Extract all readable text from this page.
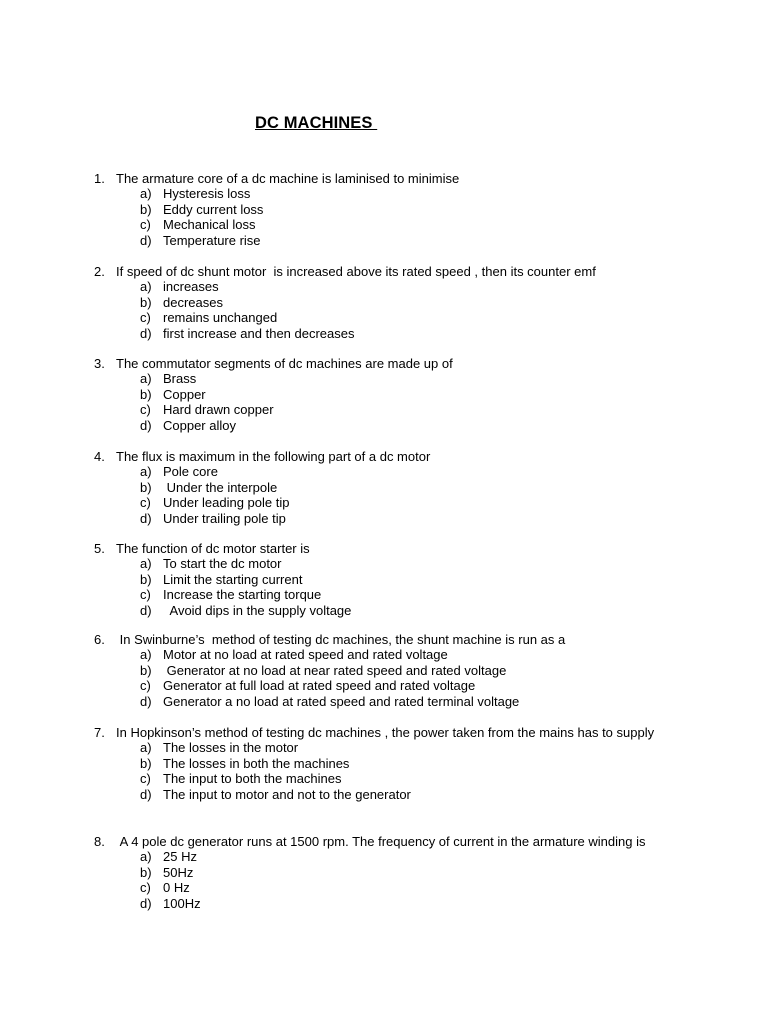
DC MACHINES
1. The armature core of a dc machine is laminised to minimise
a) Hysteresis loss
b) Eddy current loss
c) Mechanical loss
d) Temperature rise
2. If speed of dc shunt motor  is increased above its rated speed , then its counter emf
a) increases
b) decreases
c) remains unchanged
d) first increase and then decreases
3. The commutator segments of dc machines are made up of
a) Brass
b) Copper
c) Hard drawn copper
d) Copper alloy
4. The flux is maximum in the following part of a dc motor
a) Pole core
b) Under the interpole
c) Under leading pole tip
d) Under trailing pole tip
5. The function of dc motor starter is
a) To start the dc motor
b) Limit the starting current
c) Increase the starting torque
d) Avoid dips in the supply voltage
6. In Swinburne’s  method of testing dc machines, the shunt machine is run as a
a) Motor at no load at rated speed and rated voltage
b) Generator at no load at near rated speed and rated voltage
c) Generator at full load at rated speed and rated voltage
d) Generator a no load at rated speed and rated terminal voltage
7. In Hopkinson’s method of testing dc machines , the power taken from the mains has to supply
a) The losses in the motor
b) The losses in both the machines
c) The input to both the machines
d) The input to motor and not to the generator
8. A 4 pole dc generator runs at 1500 rpm. The frequency of current in the armature winding is
a) 25 Hz
b) 50Hz
c) 0 Hz
d) 100Hz
